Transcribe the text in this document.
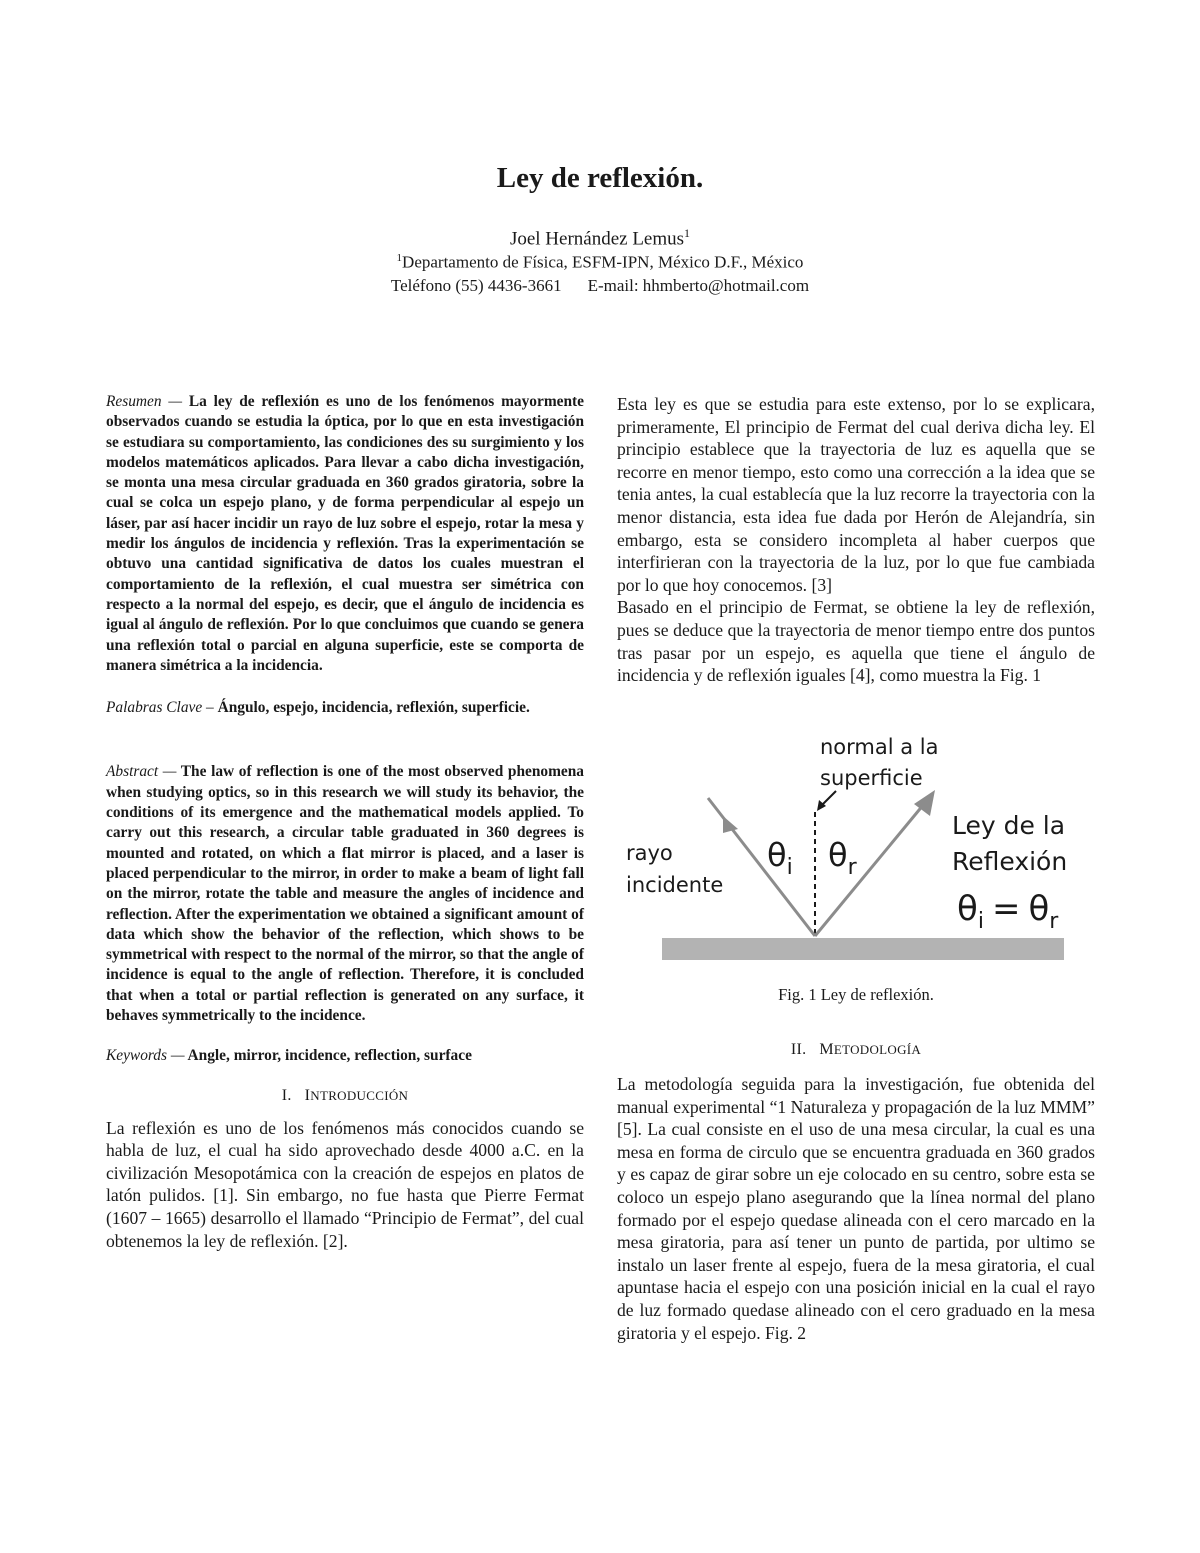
Ley de reflexión.
Joel Hernández Lemus$^1$
$^1$Departamento de Física, ESFM-IPN, México D.F., México
Teléfono (55) 4436-3661 E-mail: hhmberto@hotmail.com

Resumen — La ley de reflexión es uno de los fenómenos mayormente observados cuando se estudia la óptica, por lo que en esta investigación se estudiara su comportamiento, las condiciones des su surgimiento y los modelos matemáticos aplicados. Para llevar a cabo dicha investigación, se monta una mesa circular graduada en 360 grados giratoria, sobre la cual se colca un espejo plano, y de forma perpendicular al espejo un láser, par así hacer incidir un rayo de luz sobre el espejo, rotar la mesa y medir los ángulos de incidencia y reflexión. Tras la experimentación se obtuvo una cantidad significativa de datos los cuales muestran el comportamiento de la reflexión, el cual muestra ser simétrica con respecto a la normal del espejo, es decir, que el ángulo de incidencia es igual al ángulo de reflexión. Por lo que concluimos que cuando se genera una reflexión total o parcial en alguna superficie, este se comporta de manera simétrica a la incidencia.

Palabras Clave – Ángulo, espejo, incidencia, reflexión, superficie.

Abstract — The law of reflection is one of the most observed phenomena when studying optics, so in this research we will study its behavior, the conditions of its emergence and the mathematical models applied. To carry out this research, a circular table graduated in 360 degrees is mounted and rotated, on which a flat mirror is placed, and a laser is placed perpendicular to the mirror, in order to make a beam of light fall on the mirror, rotate the table and measure the angles of incidence and reflection. After the experimentation we obtained a significant amount of data which show the behavior of the reflection, which shows to be symmetrical with respect to the normal of the mirror, so that the angle of incidence is equal to the angle of reflection. Therefore, it is concluded that when a total or partial reflection is generated on any surface, it behaves symmetrically to the incidence.

Keywords — Angle, mirror, incidence, reflection, surface

I. INTRODUCCIÓN

La reflexión es uno de los fenómenos más conocidos cuando se habla de luz, el cual ha sido aprovechado desde 4000 a.C. en la civilización Mesopotámica con la creación de espejos en platos de latón pulidos. [1]. Sin embargo, no fue hasta que Pierre Fermat (1607 – 1665) desarrollo el llamado “Principio de Fermat”, del cual obtenemos la ley de reflexión. [2].

Esta ley es que se estudia para este extenso, por lo se explicara, primeramente, El principio de Fermat del cual deriva dicha ley. El principio establece que la trayectoria de luz es aquella que se recorre en menor tiempo, esto como una corrección a la idea que se tenia antes, la cual establecía que la luz recorre la trayectoria con la menor distancia, esta idea fue dada por Herón de Alejandría, sin embargo, esta se considero incompleta al haber cuerpos que interfirieran con la trayectoria de la luz, por lo que fue cambiada por lo que hoy conocemos. [3]

Basado en el principio de Fermat, se obtiene la ley de reflexión, pues se deduce que la trayectoria de menor tiempo entre dos puntos tras pasar por un espejo, es aquella que tiene el ángulo de incidencia y de reflexión iguales [4], como muestra la Fig. 1

normal a la
superficie
rayo
incidente
Ley de la
Reflexión
$\theta_i$ $\theta_r$
$\theta_i = \theta_r$
Fig. 1 Ley de reflexión.

II. METODOLOGÍA

La metodología seguida para la investigación, fue obtenida del manual experimental “1 Naturaleza y propagación de la luz MMM” [5]. La cual consiste en el uso de una mesa circular, la cual es una mesa en forma de circulo que se encuentra graduada en 360 grados y es capaz de girar sobre un eje colocado en su centro, sobre esta se coloco un espejo plano asegurando que la línea normal del plano formado por el espejo quedase alineada con el cero marcado en la mesa giratoria, para así tener un punto de partida, por ultimo se instalo un laser frente al espejo, fuera de la mesa giratoria, el cual apuntase hacia el espejo con una posición inicial en la cual el rayo de luz formado quedase alineado con el cero graduado en la mesa giratoria y el espejo. Fig. 2
